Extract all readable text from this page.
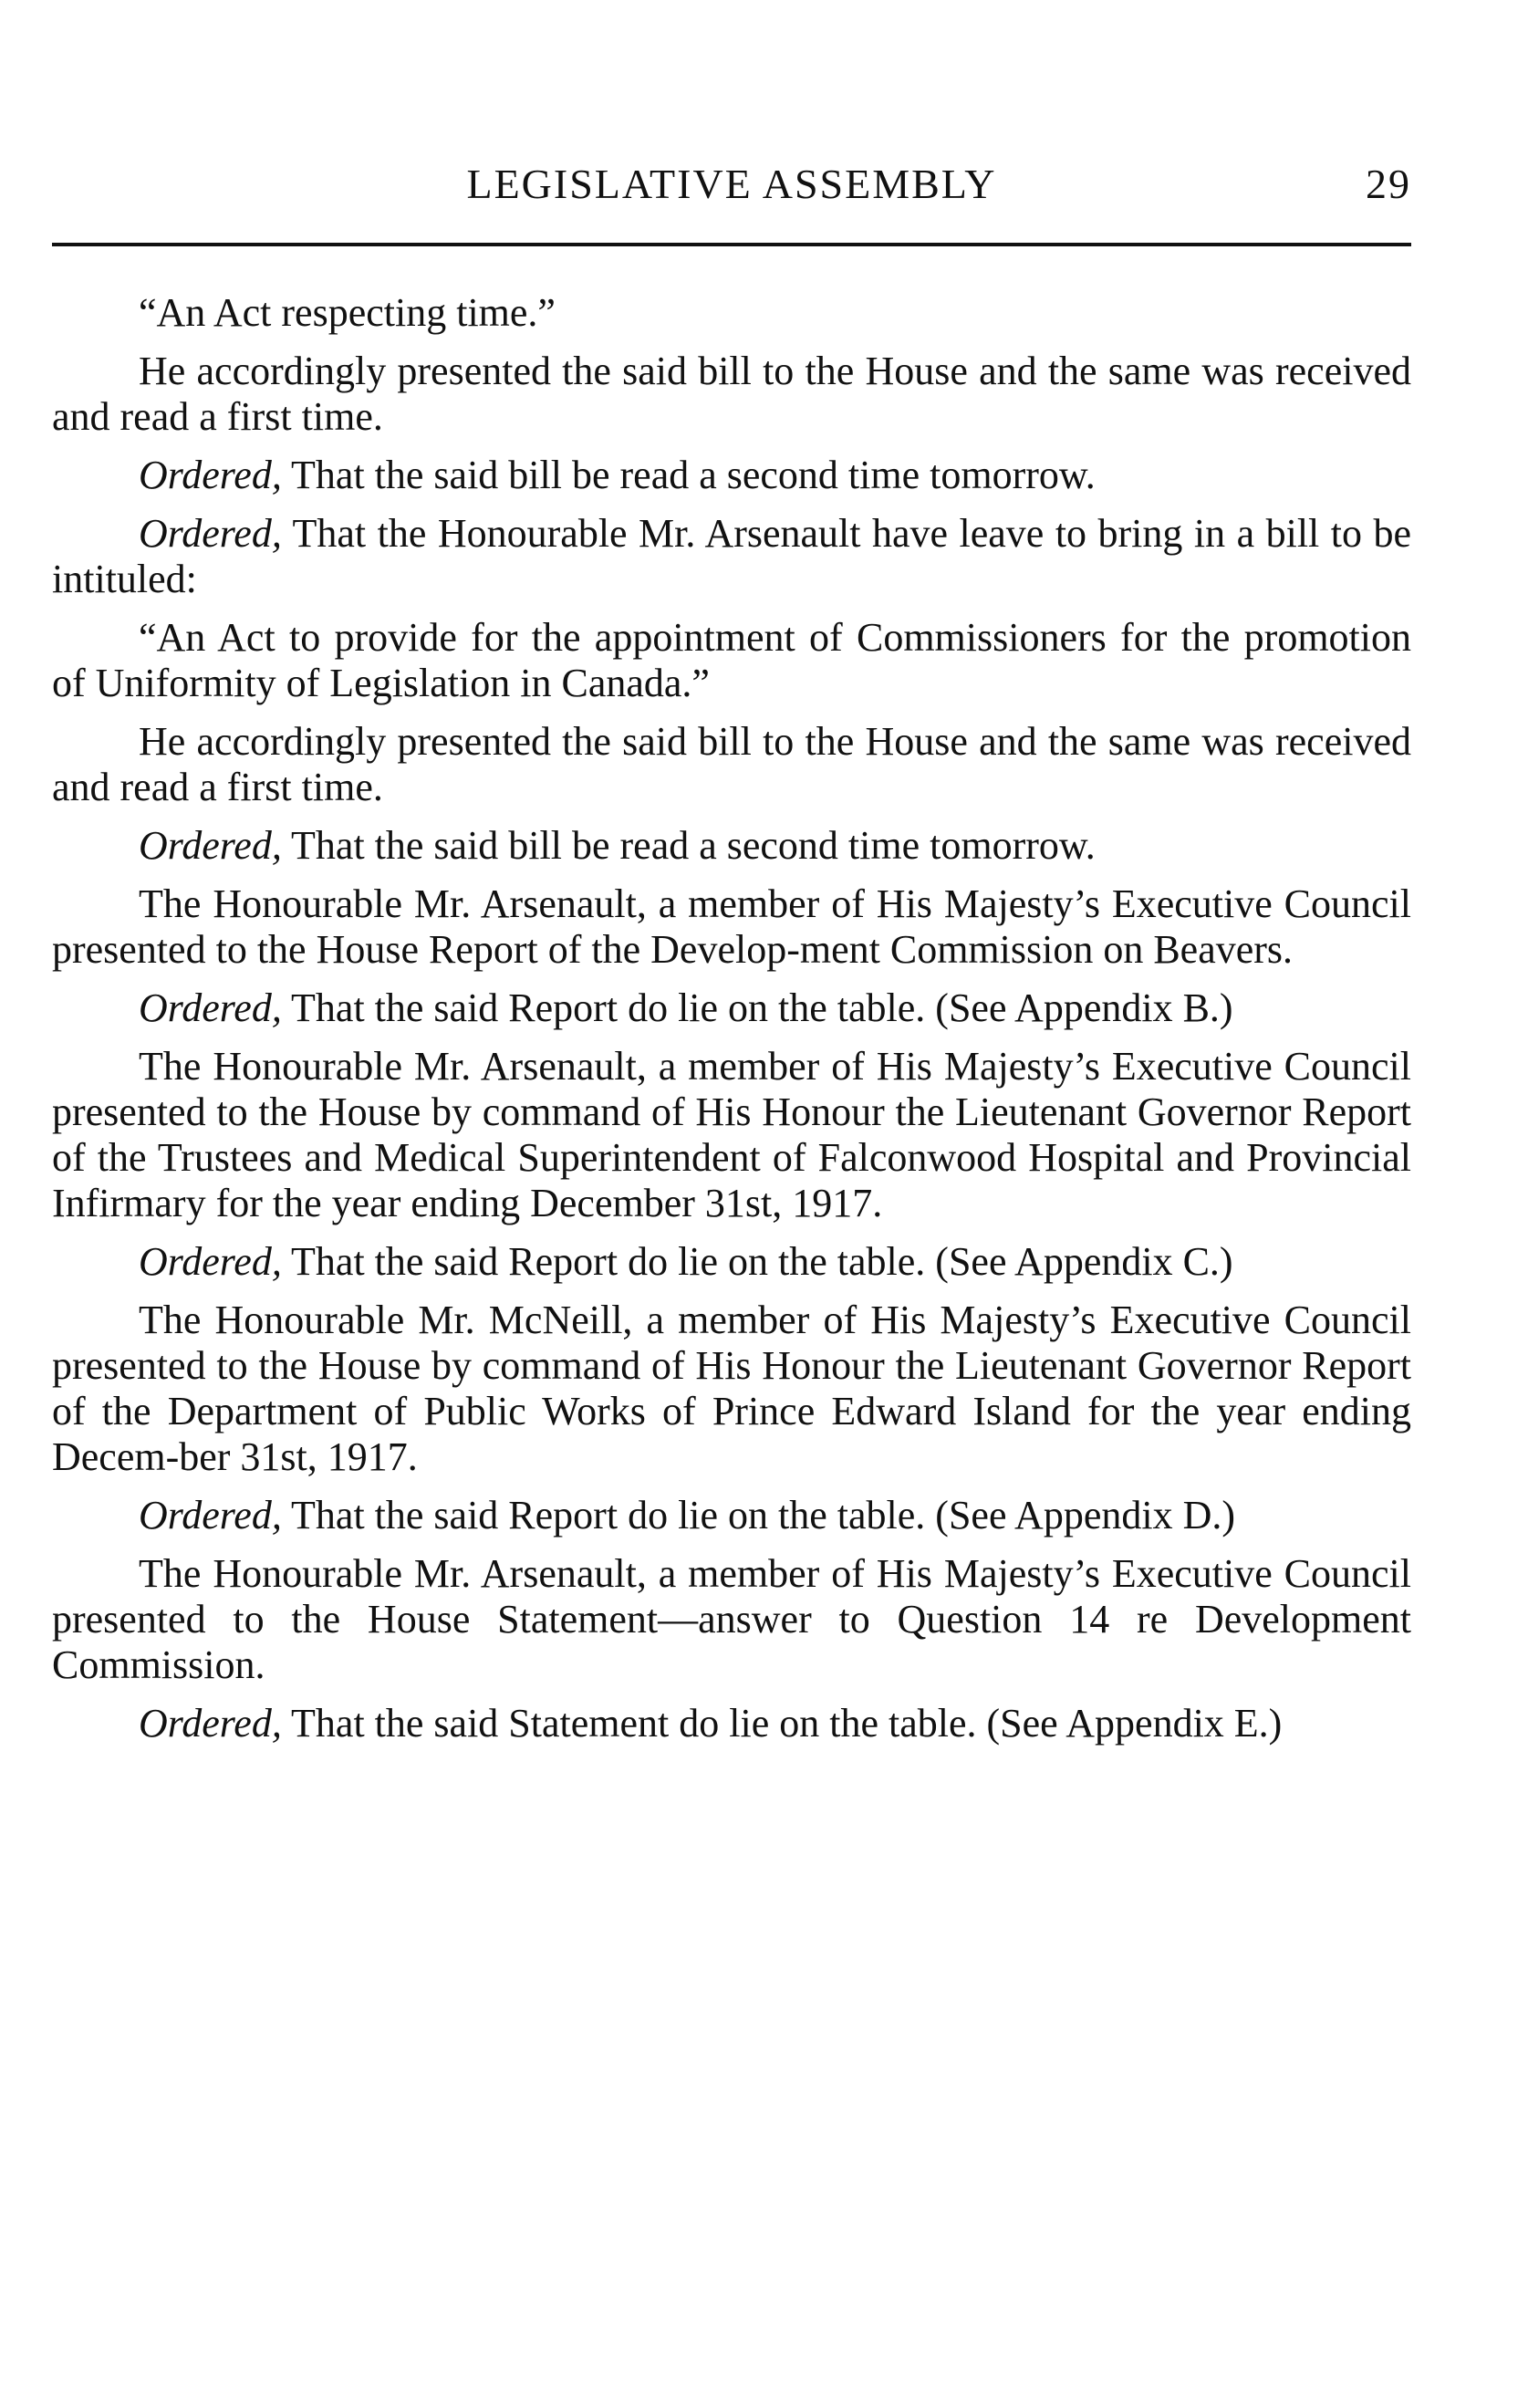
LEGISLATIVE ASSEMBLY	29

“An Act respecting time.”

He accordingly presented the said bill to the House and the same was received and read a first time.

Ordered, That the said bill be read a second time tomorrow.

Ordered, That the Honourable Mr. Arsenault have leave to bring in a bill to be intituled:

“An Act to provide for the appointment of Commissioners for the promotion of Uniformity of Legislation in Canada.”

He accordingly presented the said bill to the House and the same was received and read a first time.

Ordered, That the said bill be read a second time tomorrow.

The Honourable Mr. Arsenault, a member of His Majesty’s Executive Council presented to the House Report of the Develop-ment Commission on Beavers.

Ordered, That the said Report do lie on the table. (See Appendix B.)

The Honourable Mr. Arsenault, a member of His Majesty’s Executive Council presented to the House by command of His Honour the Lieutenant Governor Report of the Trustees and Medical Superintendent of Falconwood Hospital and Provincial Infirmary for the year ending December 31st, 1917.

Ordered, That the said Report do lie on the table. (See Appendix C.)

The Honourable Mr. McNeill, a member of His Majesty’s Executive Council presented to the House by command of His Honour the Lieutenant Governor Report of the Department of Public Works of Prince Edward Island for the year ending Decem-ber 31st, 1917.

Ordered, That the said Report do lie on the table. (See Appendix D.)

The Honourable Mr. Arsenault, a member of His Majesty’s Executive Council presented to the House Statement—answer to Question 14 re Development Commission.

Ordered, That the said Statement do lie on the table. (See Appendix E.)
